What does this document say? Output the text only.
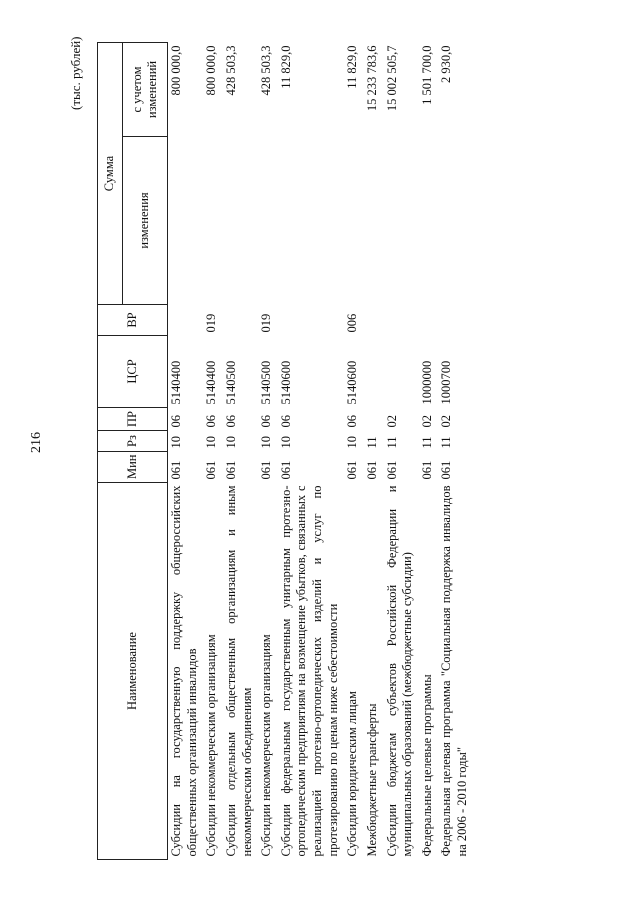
216
(тыс. рублей)
Наименование	Мин	Рз	ПР	ЦСР	ВР	Сумма	
						изменения	с учетом изменений
Субсидии на государственную поддержку общероссийских общественных организаций инвалидов	061	10	06	5140400			800 000,0
Субсидии некоммерческим организациям	061	10	06	5140400	019		800 000,0
Субсидии отдельным общественным организациям и иным некоммерческим объединениям	061	10	06	5140500			428 503,3
Субсидии некоммерческим организациям	061	10	06	5140500	019		428 503,3
Субсидии федеральным государственным унитарным протезно-ортопедическим предприятиям на возмещение убытков, связанных с реализацией протезно-ортопедических изделий и услуг по протезированию по ценам ниже себестоимости	061	10	06	5140600			11 829,0
Субсидии юридическим лицам	061	10	06	5140600	006		11 829,0
Межбюджетные трансферты	061	11					15 233 783,6
Субсидии бюджетам субъектов Российской Федерации и муниципальных образований (межбюджетные субсидии)	061	11	02				15 002 505,7
Федеральные целевые программы	061	11	02	1000000			1 501 700,0
Федеральная целевая программа "Социальная поддержка инвалидов на 2006 - 2010 годы"	061	11	02	1000700			2 930,0
